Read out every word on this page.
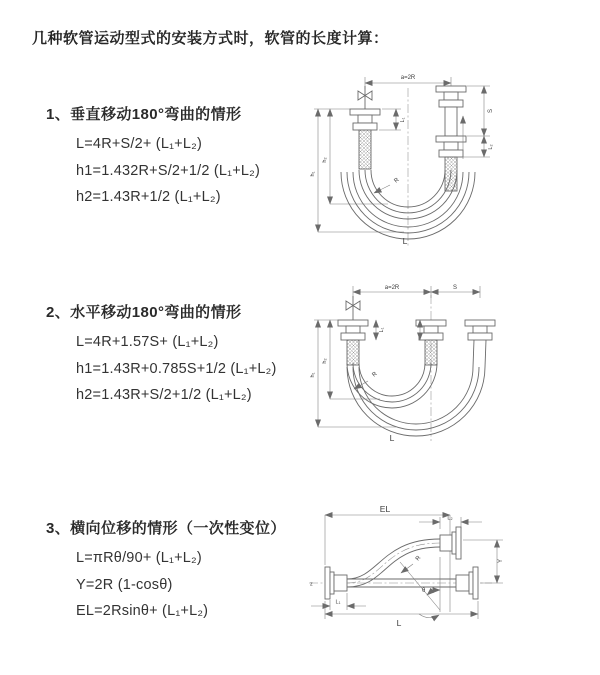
几种软管运动型式的安装方式时，软管的长度计算：
1、垂直移动180°弯曲的情形
L=4R+S/2+ (L₁+L₂)
h1=1.432R+S/2+1/2 (L₁+L₂)
h2=1.43R+1/2 (L₁+L₂)
a=2R
L₁
S
L₂
h₁
h₂
R
L
2、水平移动180°弯曲的情形
L=4R+1.57S+ (L₁+L₂)
h1=1.43R+0.785S+1/2 (L₁+L₂)
h2=1.43R+S/2+1/2 (L₁+L₂)
a=2R	S
L₁
h₁
h₂
R
L
3、横向位移的情形（一次性变位）
L=πRθ/90+ (L₁+L₂)
Y=2R (1-cosθ)
EL=2Rsinθ+ (L₁+L₂)
z
EL
L₂
Y
θ
R
L₁
L
